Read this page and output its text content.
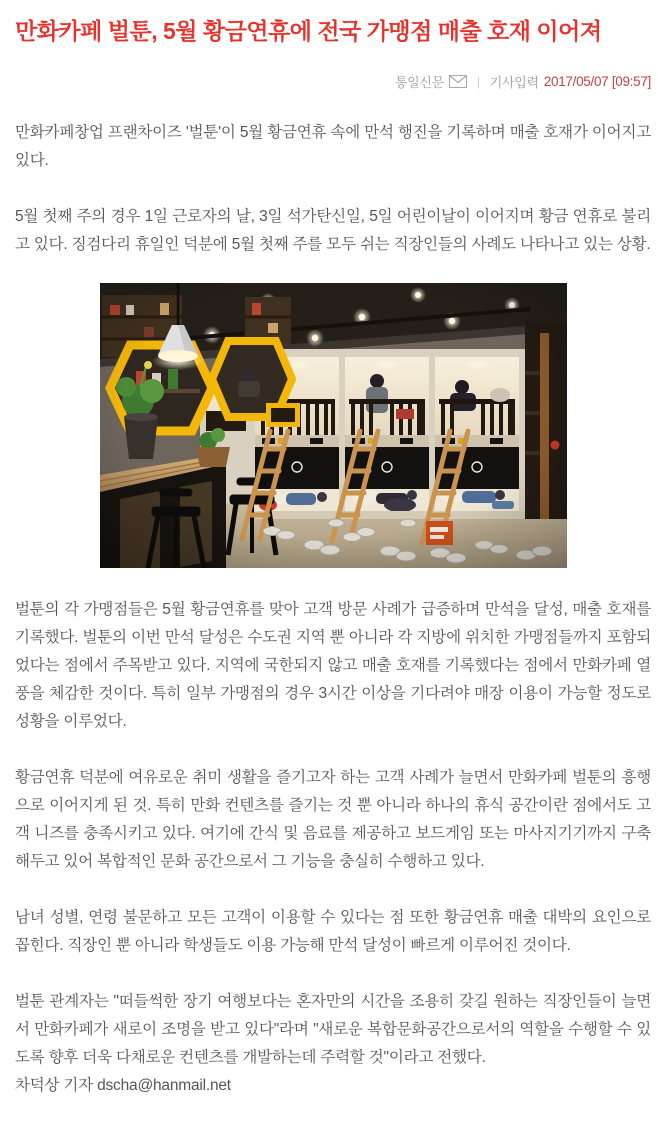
만화카페 벌툰, 5월 황금연휴에 전국 가맹점 매출 호재 이어져
통일신문	| 기사입력 2017/05/07 [09:57]

만화카페창업 프랜차이즈 '벌툰'이 5월 황금연휴 속에 만석 행진을 기록하며 매출 호재가 이어지고 있다.

5월 첫째 주의 경우 1일 근로자의 날, 3일 석가탄신일, 5일 어린이날이 이어지며 황금 연휴로 불리고 있다. 징검다리 휴일인 덕분에 5월 첫째 주를 모두 쉬는 직장인들의 사례도 나타나고 있는 상황.

벌툰의 각 가맹점들은 5월 황금연휴를 맞아 고객 방문 사례가 급증하며 만석을 달성, 매출 호재를 기록했다. 벌툰의 이번 만석 달성은 수도권 지역 뿐 아니라 각 지방에 위치한 가맹점들까지 포함되었다는 점에서 주목받고 있다. 지역에 국한되지 않고 매출 호재를 기록했다는 점에서 만화카페 열풍을 체감한 것이다. 특히 일부 가맹점의 경우 3시간 이상을 기다려야 매장 이용이 가능할 정도로 성황을 이루었다.

황금연휴 덕분에 여유로운 취미 생활을 즐기고자 하는 고객 사례가 늘면서 만화카페 벌툰의 흥행으로 이어지게 된 것. 특히 만화 컨텐츠를 즐기는 것 뿐 아니라 하나의 휴식 공간이란 점에서도 고객 니즈를 충족시키고 있다. 여기에 간식 및 음료를 제공하고 보드게임 또는 마사지기기까지 구축해두고 있어 복합적인 문화 공간으로서 그 기능을 충실히 수행하고 있다.

남녀 성별, 연령 불문하고 모든 고객이 이용할 수 있다는 점 또한 황금연휴 매출 대박의 요인으로 꼽힌다. 직장인 뿐 아니라 학생들도 이용 가능해 만석 달성이 빠르게 이루어진 것이다.

벌툰 관계자는 "떠들썩한 장기 여행보다는 혼자만의 시간을 조용히 갖길 원하는 직장인들이 늘면서 만화카페가 새로이 조명을 받고 있다"라며 "새로운 복합문화공간으로서의 역할을 수행할 수 있도록 향후 더욱 다채로운 컨텐츠를 개발하는데 주력할 것"이라고 전했다.

차덕상 기자 dscha@hanmail.net
